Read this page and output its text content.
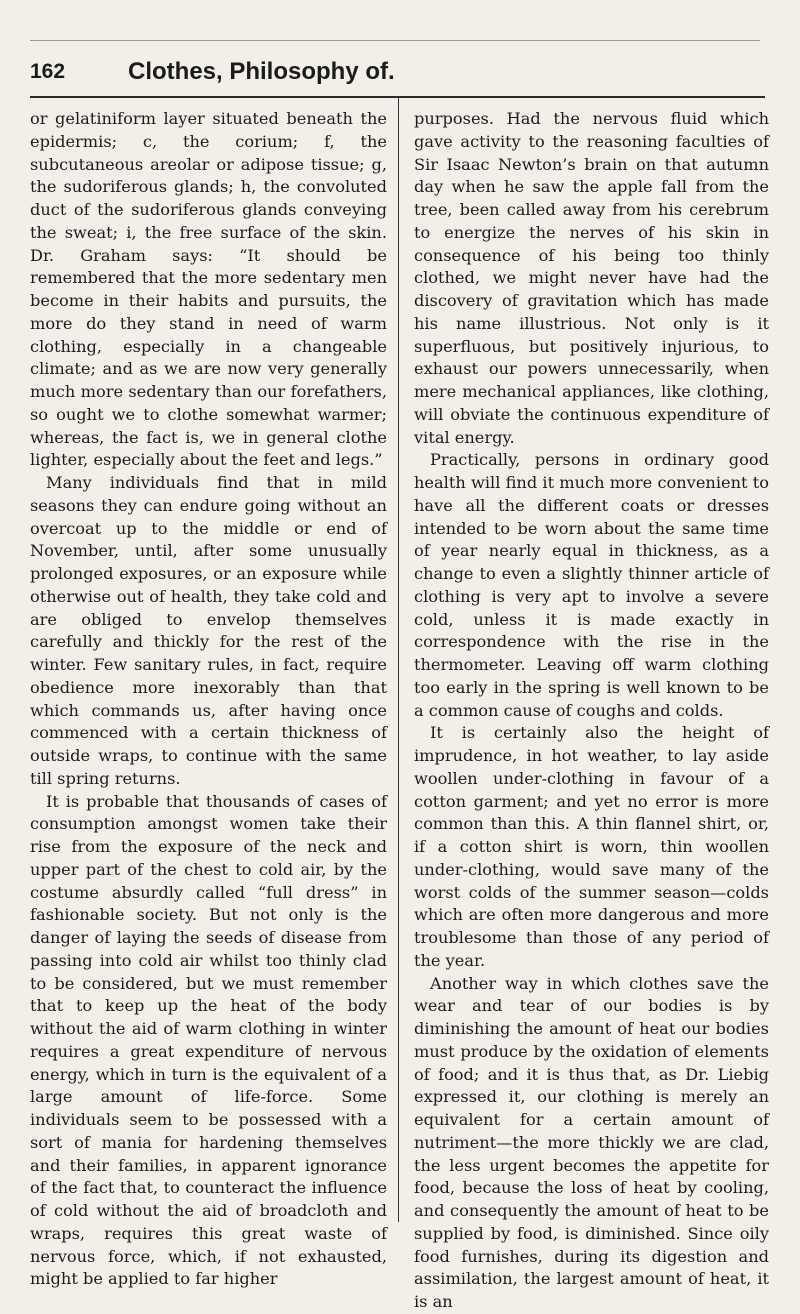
162	Clothes, Philosophy of.

or gelatiniform layer situated beneath the epidermis; c, the corium; f, the subcutaneous areolar or adipose tissue; g, the sudoriferous glands; h, the convoluted duct of the sudoriferous glands conveying the sweat; i, the free surface of the skin. Dr. Graham says: “It should be remembered that the more sedentary men become in their habits and pursuits, the more do they stand in need of warm clothing, especially in a changeable climate; and as we are now very generally much more sedentary than our forefathers, so ought we to clothe somewhat warmer; whereas, the fact is, we in general clothe lighter, especially about the feet and legs.”

Many individuals find that in mild seasons they can endure going without an overcoat up to the middle or end of November, until, after some unusually prolonged exposures, or an exposure while otherwise out of health, they take cold and are obliged to envelop themselves carefully and thickly for the rest of the winter. Few sanitary rules, in fact, require obedience more inexorably than that which commands us, after having once commenced with a certain thickness of outside wraps, to continue with the same till spring returns.

It is probable that thousands of cases of consumption amongst women take their rise from the exposure of the neck and upper part of the chest to cold air, by the costume absurdly called “full dress” in fashionable society. But not only is the danger of laying the seeds of disease from passing into cold air whilst too thinly clad to be considered, but we must remember that to keep up the heat of the body without the aid of warm clothing in winter requires a great expenditure of nervous energy, which in turn is the equivalent of a large amount of life-force. Some individuals seem to be possessed with a sort of mania for hardening themselves and their families, in apparent ignorance of the fact that, to counteract the influence of cold without the aid of broadcloth and wraps, requires this great waste of nervous force, which, if not exhausted, might be applied to far higher

purposes. Had the nervous fluid which gave activity to the reasoning faculties of Sir Isaac Newton’s brain on that autumn day when he saw the apple fall from the tree, been called away from his cerebrum to energize the nerves of his skin in consequence of his being too thinly clothed, we might never have had the discovery of gravitation which has made his name illustrious. Not only is it superfluous, but positively injurious, to exhaust our powers unnecessarily, when mere mechanical appliances, like clothing, will obviate the continuous expenditure of vital energy.

Practically, persons in ordinary good health will find it much more convenient to have all the different coats or dresses intended to be worn about the same time of year nearly equal in thickness, as a change to even a slightly thinner article of clothing is very apt to involve a severe cold, unless it is made exactly in correspondence with the rise in the thermometer. Leaving off warm clothing too early in the spring is well known to be a common cause of coughs and colds.

It is certainly also the height of imprudence, in hot weather, to lay aside woollen under-clothing in favour of a cotton garment; and yet no error is more common than this. A thin flannel shirt, or, if a cotton shirt is worn, thin woollen under-clothing, would save many of the worst colds of the summer season—colds which are often more dangerous and more troublesome than those of any period of the year.

Another way in which clothes save the wear and tear of our bodies is by diminishing the amount of heat our bodies must produce by the oxidation of elements of food; and it is thus that, as Dr. Liebig expressed it, our clothing is merely an equivalent for a certain amount of nutriment—the more thickly we are clad, the less urgent becomes the appetite for food, because the loss of heat by cooling, and consequently the amount of heat to be supplied by food, is diminished. Since oily food furnishes, during its digestion and assimilation, the largest amount of heat, it is an
